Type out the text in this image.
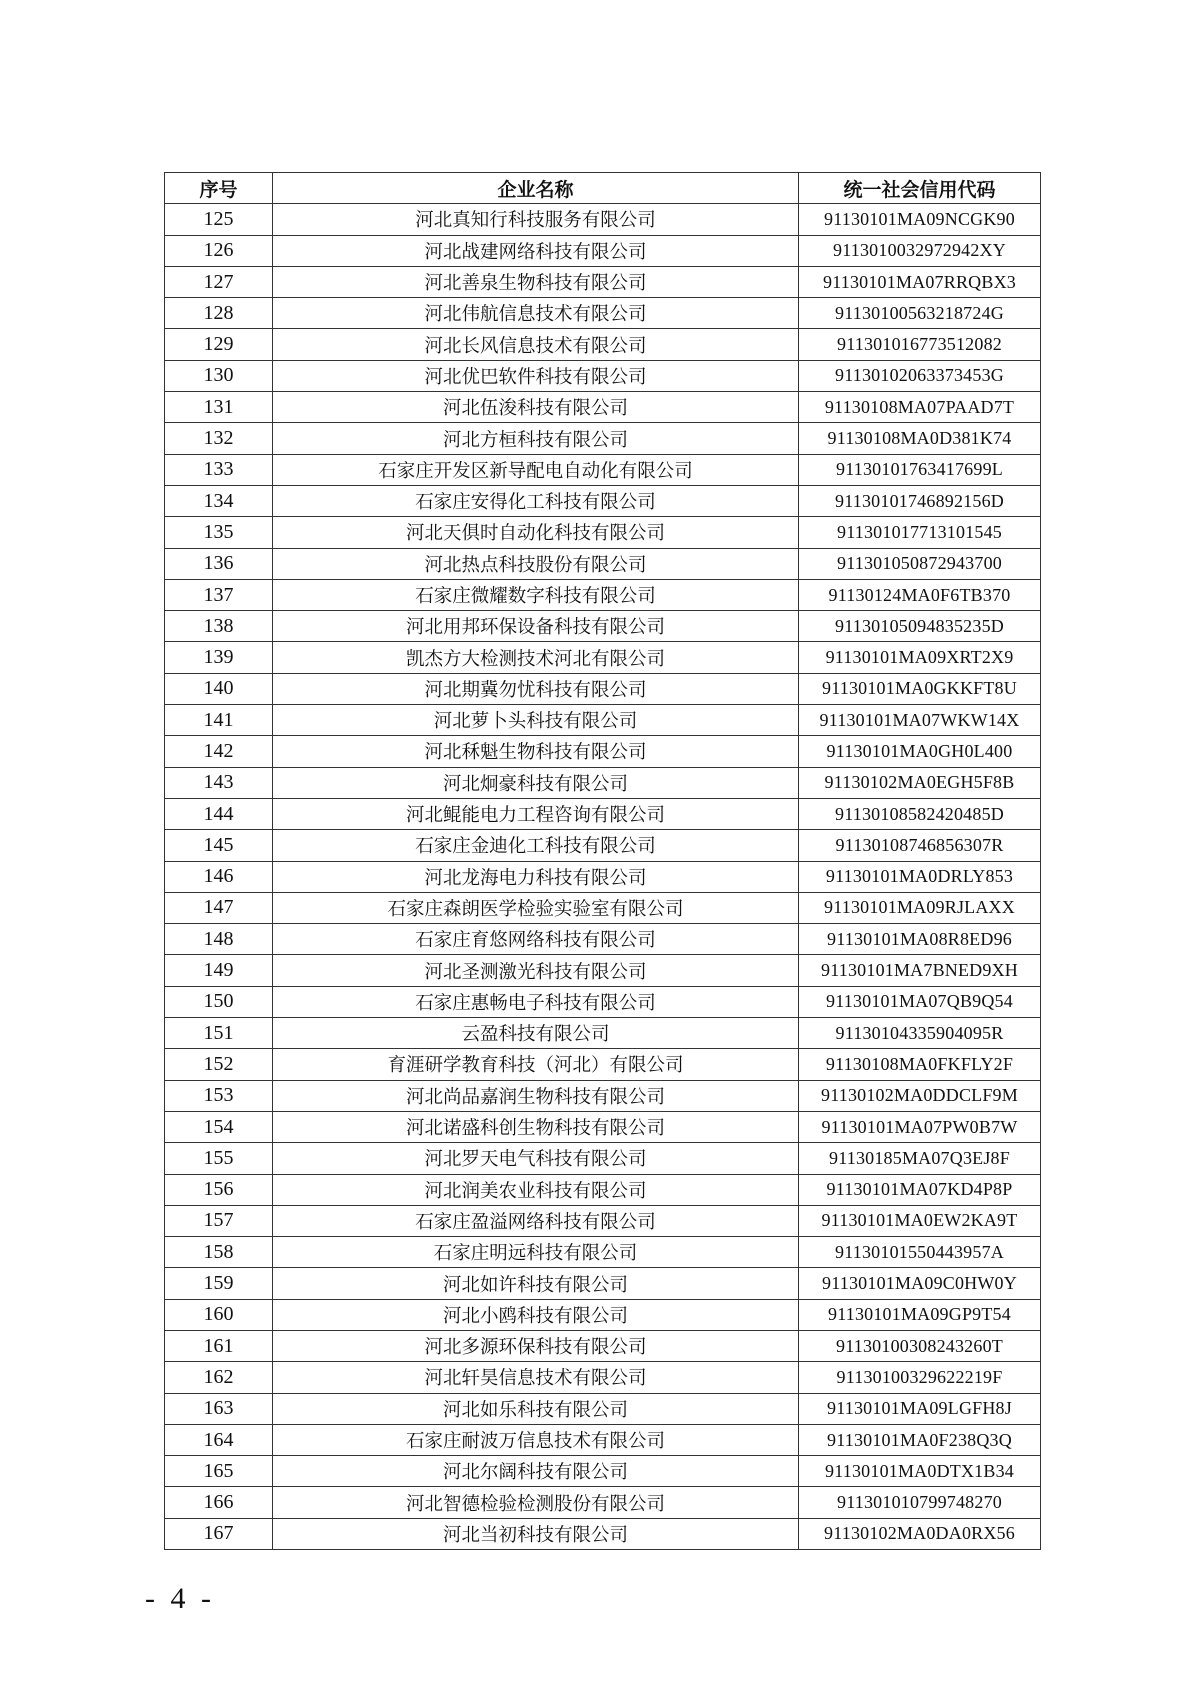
序号	企业名称	统一社会信用代码
125	河北真知行科技服务有限公司	91130101MA09NCGK90
126	河北战建网络科技有限公司	9113010032972942XY
127	河北善泉生物科技有限公司	91130101MA07RRQBX3
128	河北伟航信息技术有限公司	91130100563218724G
129	河北长风信息技术有限公司	911301016773512082
130	河北优巴软件科技有限公司	91130102063373453G
131	河北伍浚科技有限公司	91130108MA07PAAD7T
132	河北方桓科技有限公司	91130108MA0D381K74
133	石家庄开发区新导配电自动化有限公司	91130101763417699L
134	石家庄安得化工科技有限公司	91130101746892156D
135	河北天俱时自动化科技有限公司	911301017713101545
136	河北热点科技股份有限公司	911301050872943700
137	石家庄微耀数字科技有限公司	91130124MA0F6TB370
138	河北用邦环保设备科技有限公司	91130105094835235D
139	凯杰方大检测技术河北有限公司	91130101MA09XRT2X9
140	河北期冀勿忧科技有限公司	91130101MA0GKKFT8U
141	河北萝卜头科技有限公司	91130101MA07WKW14X
142	河北秝魁生物科技有限公司	91130101MA0GH0L400
143	河北炯豪科技有限公司	91130102MA0EGH5F8B
144	河北鲲能电力工程咨询有限公司	91130108582420485D
145	石家庄金迪化工科技有限公司	91130108746856307R
146	河北龙海电力科技有限公司	91130101MA0DRLY853
147	石家庄森朗医学检验实验室有限公司	91130101MA09RJLAXX
148	石家庄育悠网络科技有限公司	91130101MA08R8ED96
149	河北圣测激光科技有限公司	91130101MA7BNED9XH
150	石家庄惠畅电子科技有限公司	91130101MA07QB9Q54
151	云盈科技有限公司	91130104335904095R
152	育涯研学教育科技（河北）有限公司	91130108MA0FKFLY2F
153	河北尚品嘉润生物科技有限公司	91130102MA0DDCLF9M
154	河北诺盛科创生物科技有限公司	91130101MA07PW0B7W
155	河北罗天电气科技有限公司	91130185MA07Q3EJ8F
156	河北润美农业科技有限公司	91130101MA07KD4P8P
157	石家庄盈溢网络科技有限公司	91130101MA0EW2KA9T
158	石家庄明远科技有限公司	91130101550443957A
159	河北如许科技有限公司	91130101MA09C0HW0Y
160	河北小鸥科技有限公司	91130101MA09GP9T54
161	河北多源环保科技有限公司	91130100308243260T
162	河北轩昊信息技术有限公司	91130100329622219F
163	河北如乐科技有限公司	91130101MA09LGFH8J
164	石家庄耐波万信息技术有限公司	91130101MA0F238Q3Q
165	河北尔阔科技有限公司	91130101MA0DTX1B34
166	河北智德检验检测股份有限公司	911301010799748270
167	河北当初科技有限公司	91130102MA0DA0RX56
- 4 -
